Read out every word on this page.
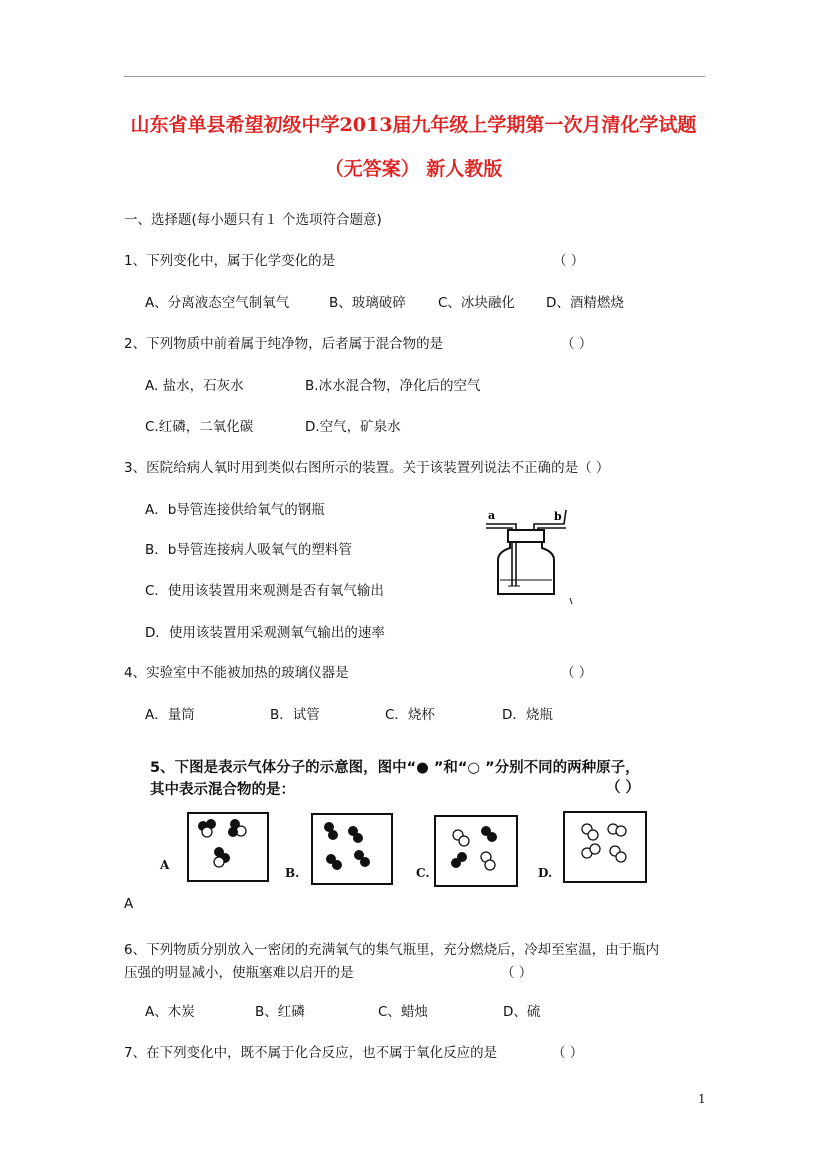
山东省单县希望初级中学2013届九年级上学期第一次月清化学试题
（无答案） 新人教版
一、选择题(每小题只有１ 个选项符合题意)
1、下列变化中，属于化学变化的是	（ ）
A、分离液态空气制氧气	B、玻璃破碎 C、冰块融化 D、酒精燃烧
2、下列物质中前着属于纯净物，后者属于混合物的是	（ ）
A. 盐水，石灰水	B.冰水混合物，净化后的空气
C.红磷，二氧化碳	D.空气，矿泉水
3、医院给病人氧时用到类似右图所示的装置。关于该装置列说法不正确的是（ ）
A．b导管连接供给氧气的钢瓶
B．b导管连接病人吸氧气的塑料管
C．使用该装置用来观测是否有氧气输出
D．使用该装置用采观测氧气输出的速率
a	b
4、实验室中不能被加热的玻璃仪器是	（ ）
A．量筒	B．试管	C．烧杯	D．烧瓶
5、下图是表示气体分子的示意图，图中“● ”和“○ ”分别不同的两种原子，
其中表示混合物的是：	（ ）
A
B.	C.	D.
A
6、下列物质分别放入一密闭的充满氧气的集气瓶里，充分燃烧后，冷却至室温，由于瓶内
压强的明显减小，使瓶塞难以启开的是	（ ）
A、木炭	B、红磷	C、蜡烛	D、硫
7、在下列变化中，既不属于化合反应，也不属于氧化反应的是	（ ）
1
